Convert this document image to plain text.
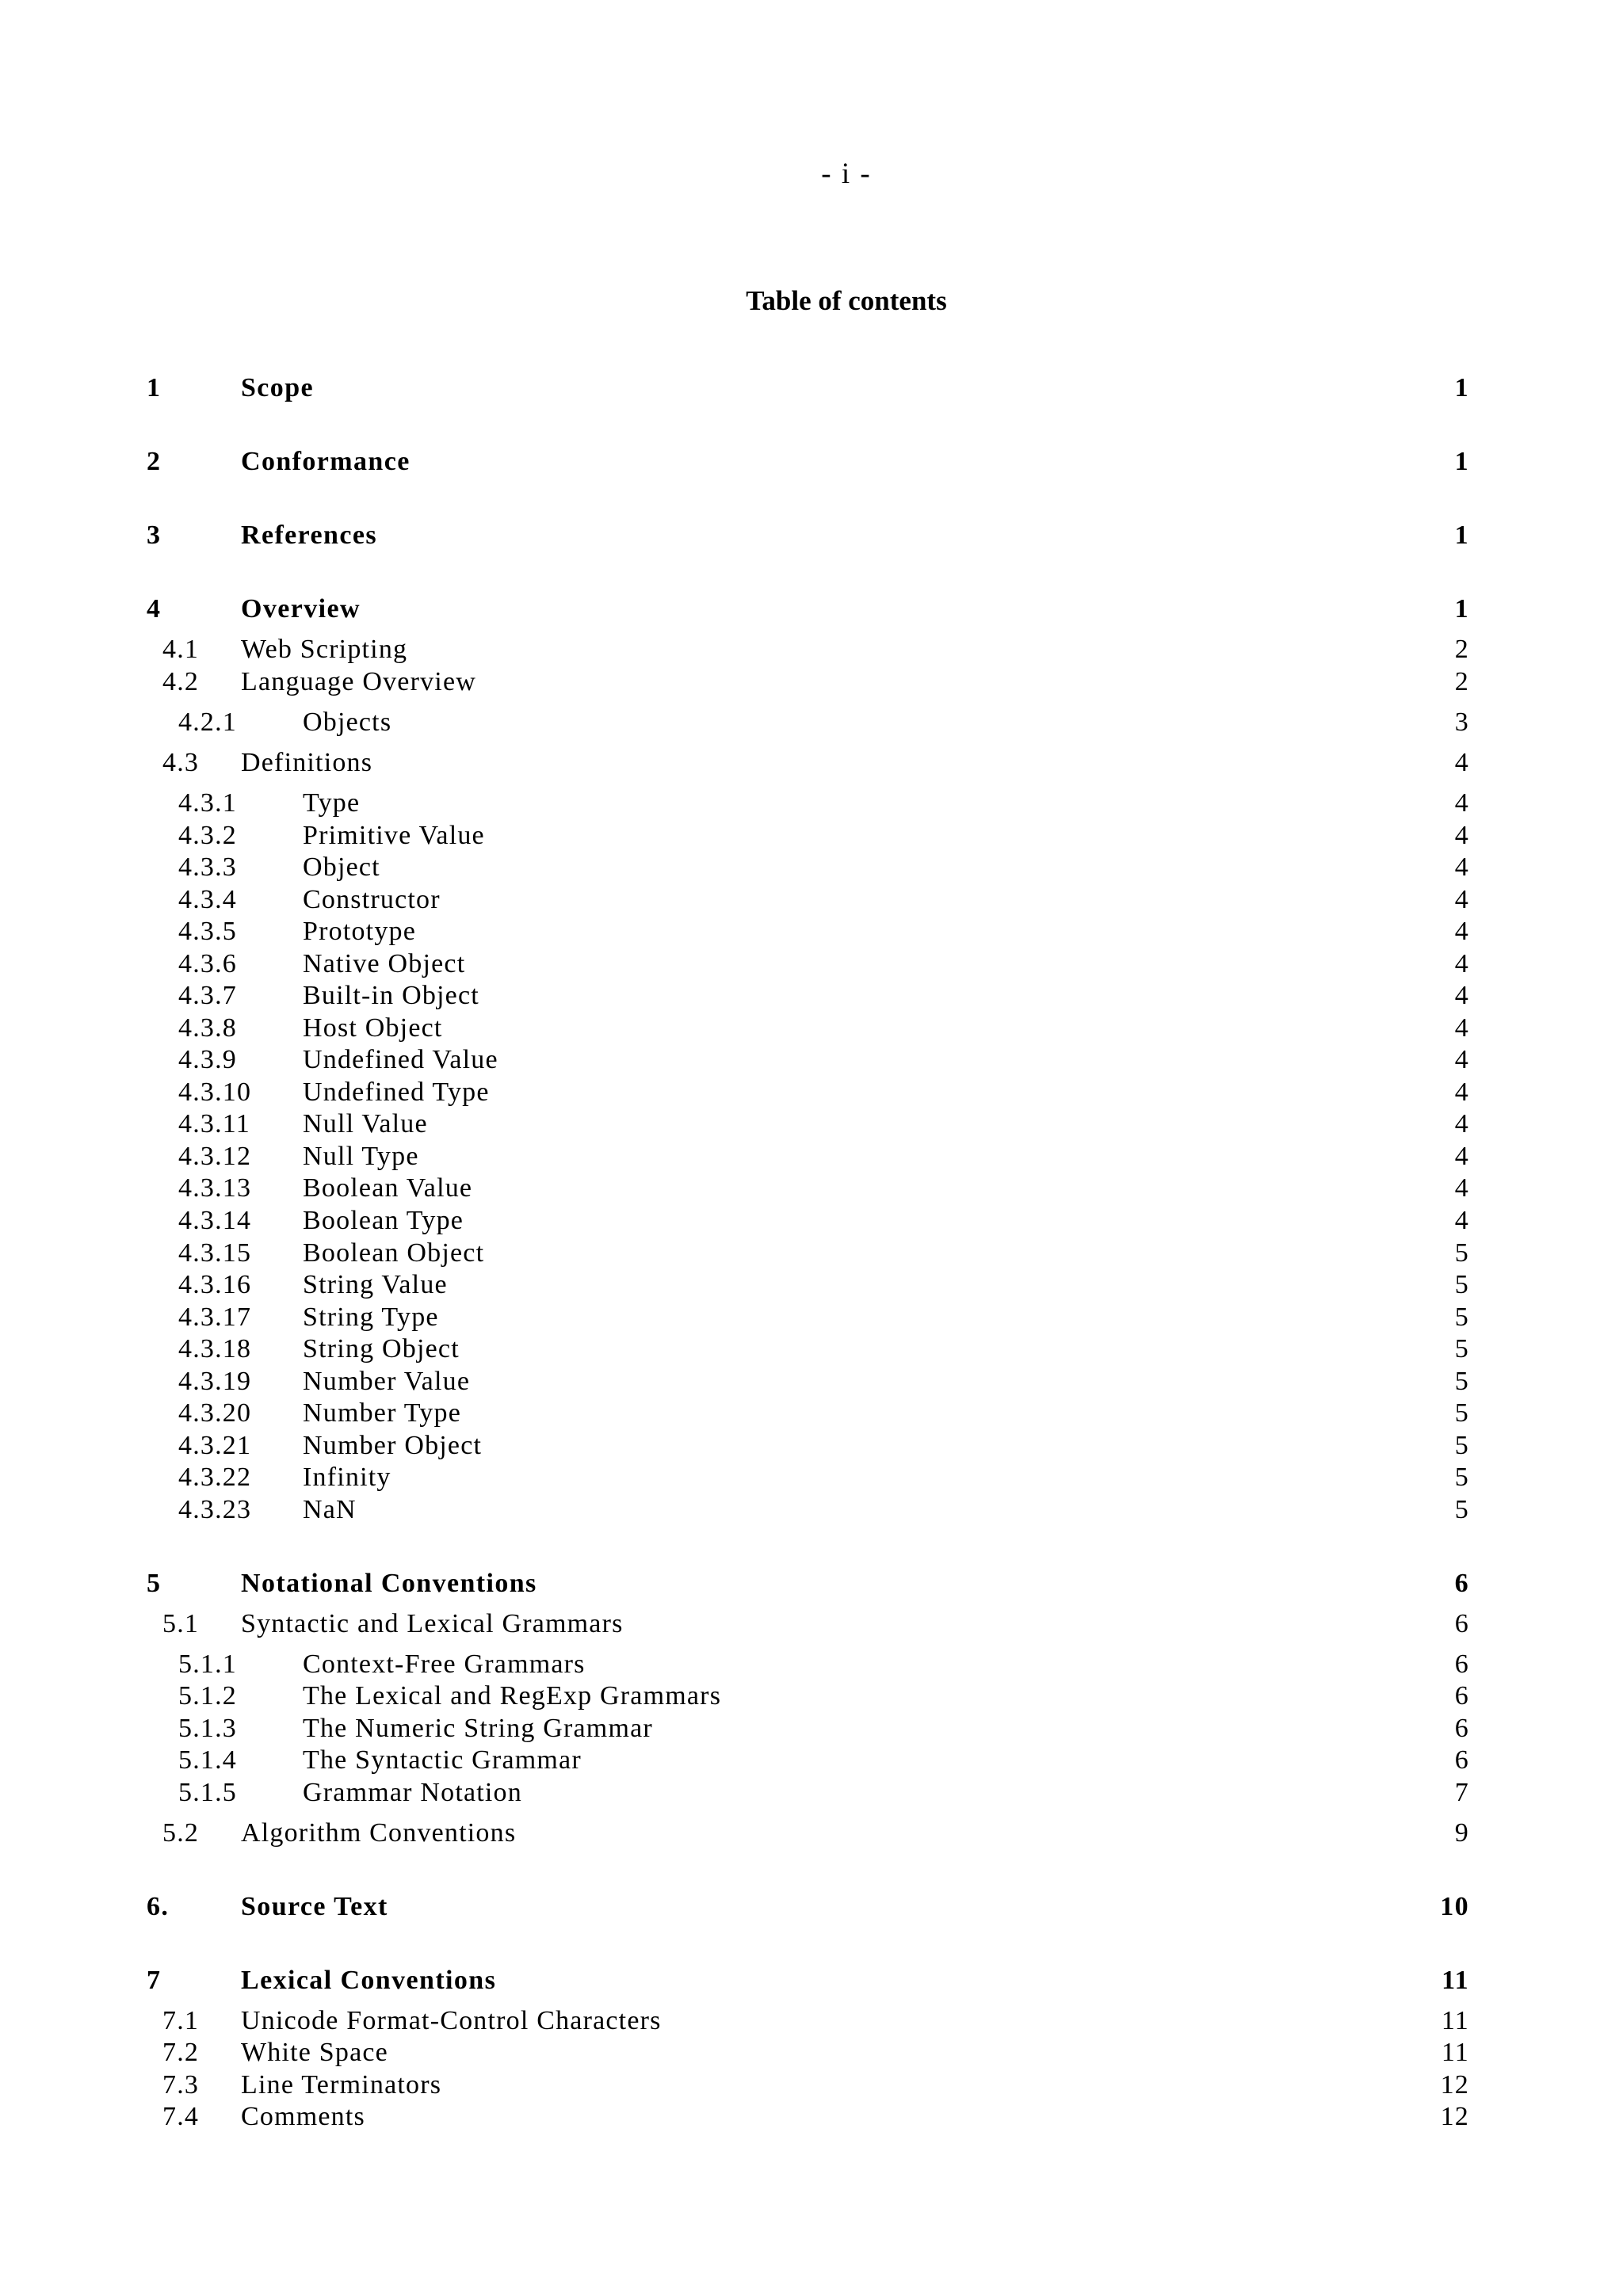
- i -
Table of contents
1	Scope	1
2	Conformance	1
3	References	1
4	Overview	1
4.1 Web Scripting	2
4.2 Language Overview	2
4.2.1 Objects	3
4.3 Definitions	4
4.3.1 Type	4
4.3.2 Primitive Value	4
4.3.3 Object	4
4.3.4 Constructor	4
4.3.5 Prototype	4
4.3.6 Native Object	4
4.3.7 Built-in Object	4
4.3.8 Host Object	4
4.3.9 Undefined Value	4
4.3.10 Undefined Type	4
4.3.11 Null Value	4
4.3.12 Null Type	4
4.3.13 Boolean Value	4
4.3.14 Boolean Type	4
4.3.15 Boolean Object	5
4.3.16 String Value	5
4.3.17 String Type	5
4.3.18 String Object	5
4.3.19 Number Value	5
4.3.20 Number Type	5
4.3.21 Number Object	5
4.3.22 Infinity	5
4.3.23 NaN	5
5	Notational Conventions	6
5.1 Syntactic and Lexical Grammars	6
5.1.1 Context-Free Grammars	6
5.1.2 The Lexical and RegExp Grammars	6
5.1.3 The Numeric String Grammar	6
5.1.4 The Syntactic Grammar	6
5.1.5 Grammar Notation	7
5.2 Algorithm Conventions	9
6.	Source Text	10
7	Lexical Conventions	11
7.1 Unicode Format-Control Characters	11
7.2 White Space	11
7.3 Line Terminators	12
7.4 Comments	12
